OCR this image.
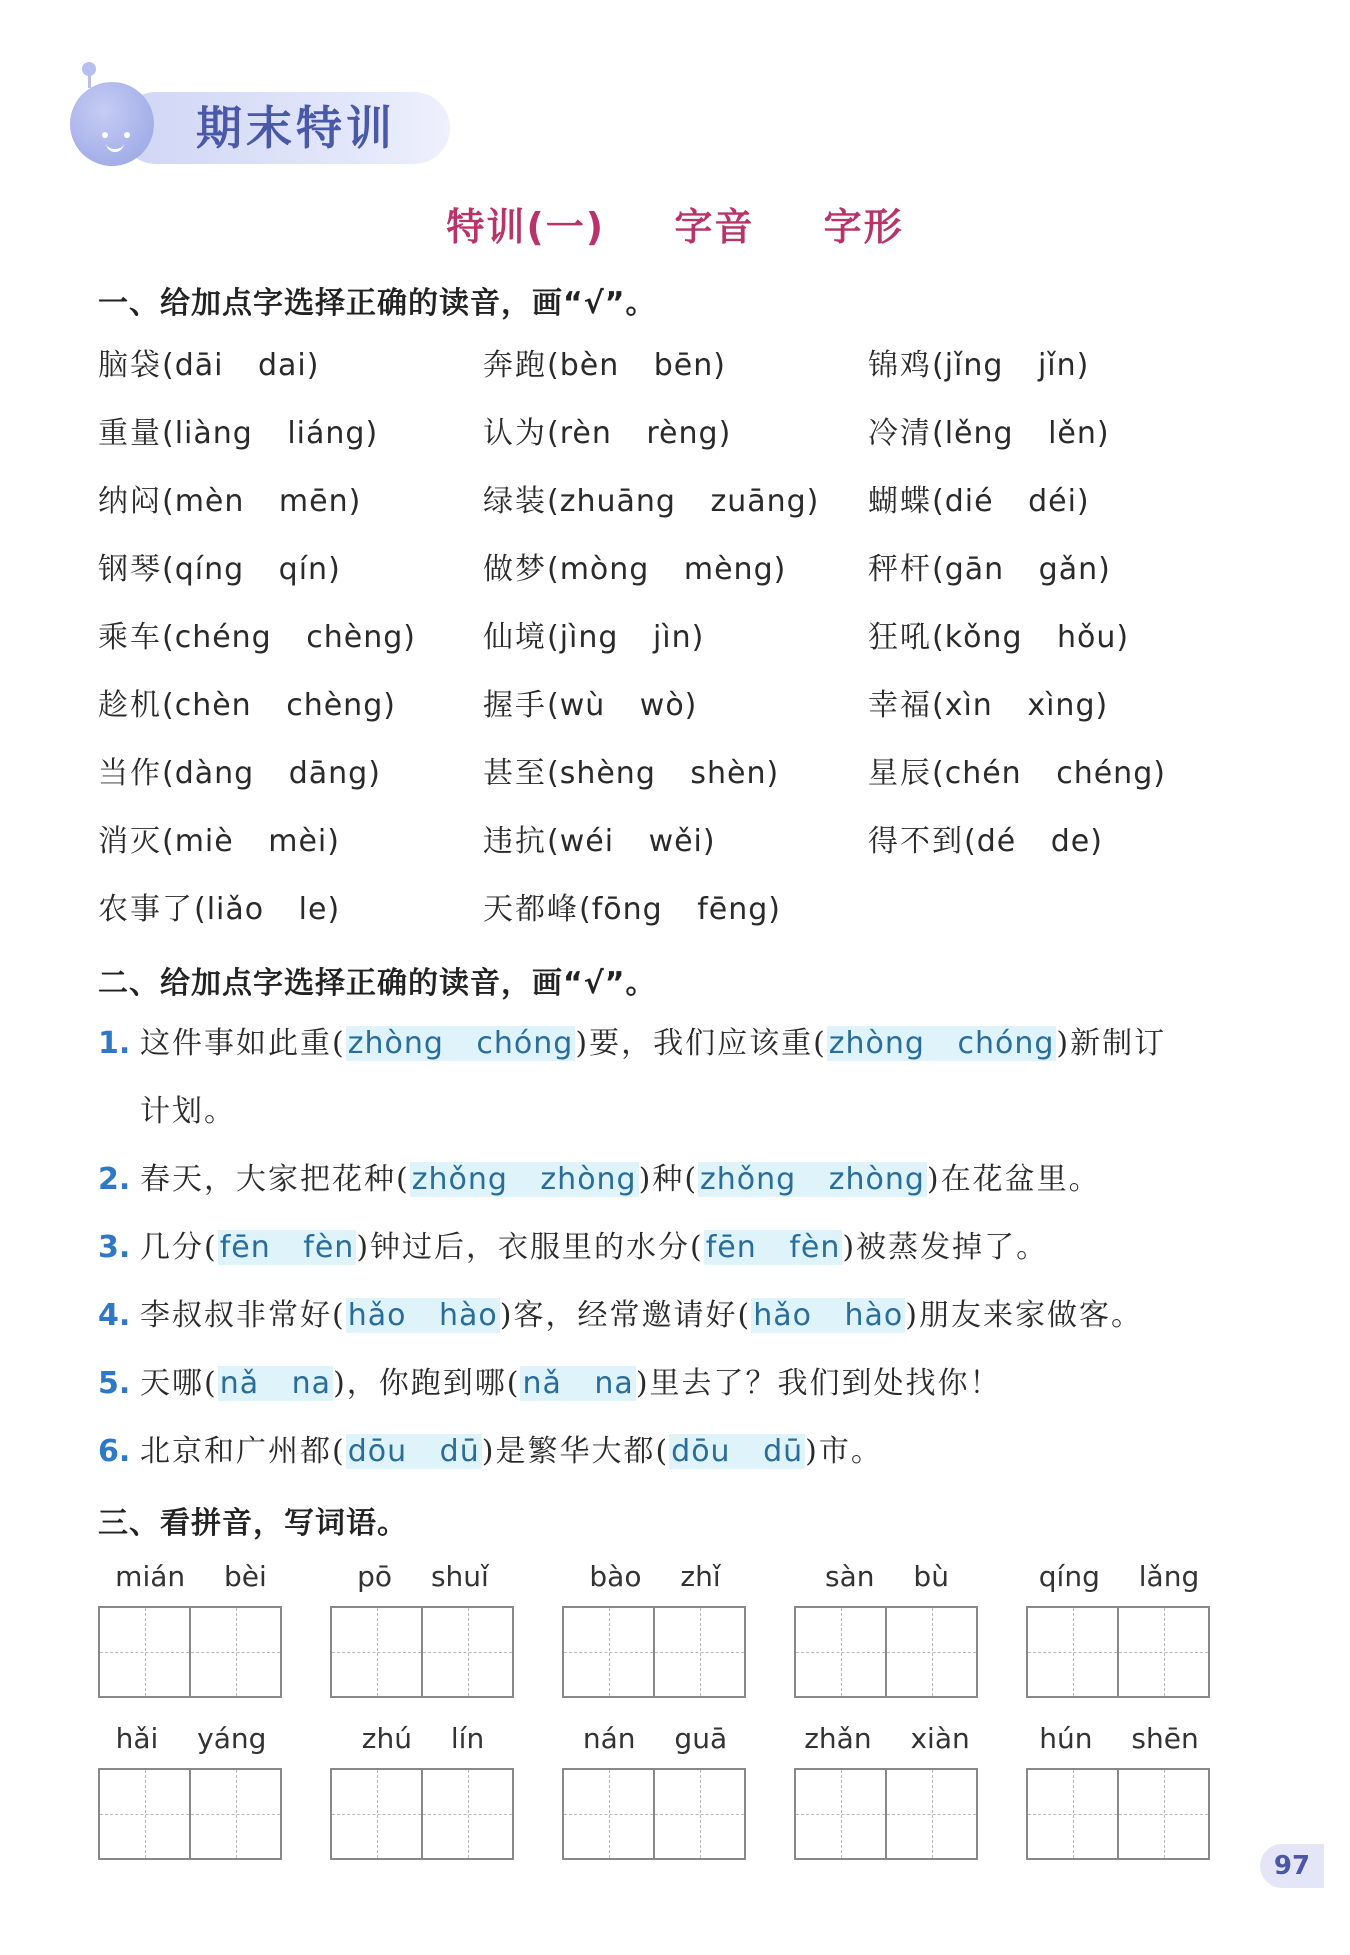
期末特训
特训(一) 字音 字形
一、给加点字选择正确的读音，画“√”。
脑袋(dāi dai)	奔跑(bèn bēn)	锦鸡(jǐng jǐn)
重量(liàng liáng)	认为(rèn rèng)	冷清(lěng lěn)
纳闷(mèn mēn)	绿装(zhuāng zuāng) 蝴蝶(dié déi)
钢琴(qíng qín)	做梦(mòng mèng)	秤杆(gān gǎn)
乘车(chéng chèng) 仙境(jìng jìn)	狂吼(kǒng hǒu)
趁机(chèn chèng)	握手(wù wò)	幸福(xìn xìng)
当作(dàng dāng)	甚至(shèng shèn)	星辰(chén chéng)
消灭(miè mèi)	违抗(wéi wěi)	得不到(dé de)
农事了(liǎo le)	天都峰(fōng fēng)
二、给加点字选择正确的读音，画“√”。
1. 这件事如此重(zhòng chóng)要，我们应该重(zhòng chóng)新制订
计划。
2. 春天，大家把花种(zhǒng zhòng)种(zhǒng zhòng)在花盆里。
3. 几分(fēn fèn)钟过后，衣服里的水分(fēn fèn)被蒸发掉了。
4. 李叔叔非常好(hǎo hào)客，经常邀请好(hǎo hào)朋友来家做客。
5. 天哪(nǎ na)，你跑到哪(nǎ na)里去了？我们到处找你！
6. 北京和广州都(dōu dū)是繁华大都(dōu dū)市。
三、看拼音，写词语。
mián bèi	pō shuǐ	bào zhǐ	sàn bù	qíng lǎng
hǎi yáng	zhú lín	nán guā	zhǎn xiàn	hún shēn
97
